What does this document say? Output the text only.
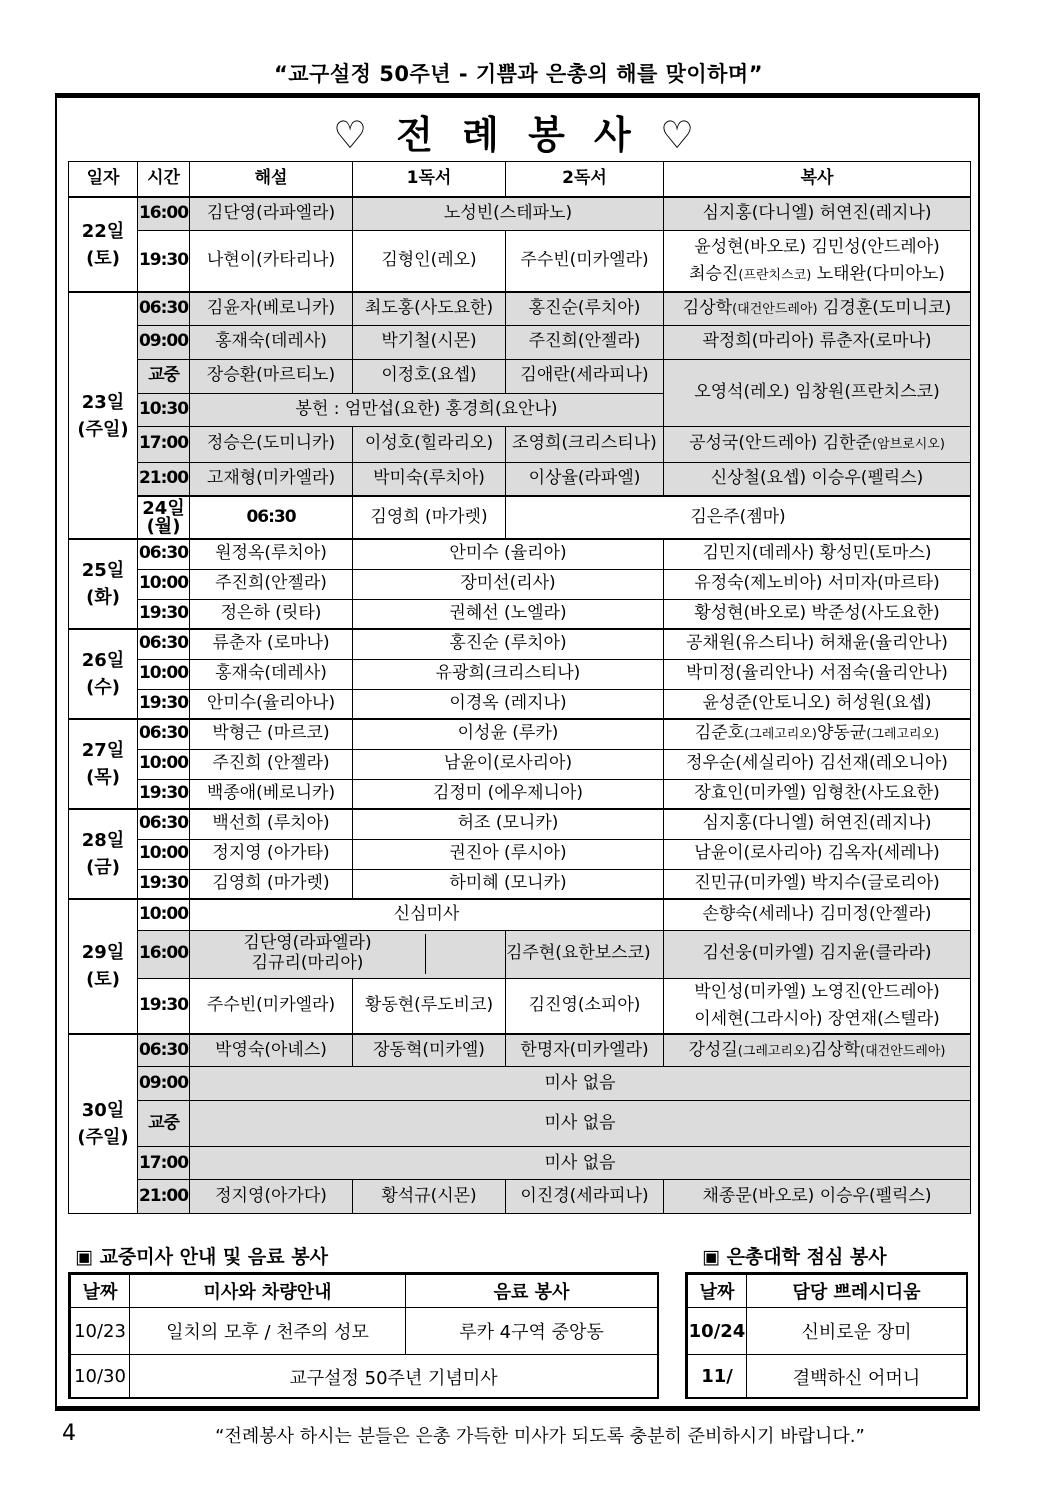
“교구설정 50주년 - 기쁨과 은총의 해를 맞이하며”
♡ 전 례 봉 사 ♡
일자	시간	해설	1독서	2독서	복사	
22일
(토)	16:00	김단영(라파엘라)	노성빈(스테파노)		심지홍(다니엘) 허연진(레지나)	
	19:30	나현이(카타리나)	김형인(레오)	주수빈(미카엘라)	윤성현(바오로) 김민성(안드레아)
최승진(프란치스코) 노태완(다미아노)	
23일
(주일)	06:30	김윤자(베로니카)	최도홍(사도요한)	홍진순(루치아)	김상학(대건안드레아) 김경훈(도미니코)	
	09:00	홍재숙(데레사)	박기철(시몬)	주진희(안젤라)	곽정희(마리아) 류춘자(로마나)	
	교중	장승환(마르티노)	이정호(요셉)	김애란(세라피나)	오영석(레오) 임창원(프란치스코)	
	10:30	봉헌 : 엄만섭(요한) 홍경희(요안나)				
	17:00	정승은(도미니카)	이성호(힐라리오)	조영희(크리스티나)	공성국(안드레아) 김한준(암브로시오)	
	21:00	고재형(미카엘라)	박미숙(루치아)	이상율(라파엘)	신상철(요셉) 이승우(펠릭스)	
	24일
(월)	06:30	김영희 (마가렛)	김은주(젬마)	
25일
(화)	06:30	원정옥(루치아)	안미수 (율리아)		김민지(데레사) 황성민(토마스)	
	10:00	주진희(안젤라)	장미선(리사)		유정숙(제노비아) 서미자(마르타)	
	19:30	정은하 (릿타)	권혜선 (노엘라)		황성현(바오로) 박준성(사도요한)	
26일
(수)	06:30	류춘자 (로마나)	홍진순 (루치아)		공채원(유스티나) 허채윤(율리안나)	
	10:00	홍재숙(데레사)	유광희(크리스티나)		박미정(율리안나) 서점숙(율리안나)	
	19:30	안미수(율리아나)	이경옥 (레지나)		윤성준(안토니오) 허성원(요셉)	
27일
(목)	06:30	박형근 (마르코)	이성윤 (루카)		김준호(그레고리오)양동균(그레고리오)	
	10:00	주진희 (안젤라)	남윤이(로사리아)		정우순(세실리아) 김선재(레오니아)	
	19:30	백종애(베로니카)	김정미 (에우제니아)		장효인(미카엘) 임형찬(사도요한)	
28일
(금)	06:30	백선희 (루치아)	허조 (모니카)		심지홍(다니엘) 허연진(레지나)	
	10:00	정지영 (아가타)	권진아 (루시아)		남윤이(로사리아) 김옥자(세레나)	
	19:30	김영희 (마가렛)	하미혜 (모니카)		진민규(미카엘) 박지수(글로리아)	
29일
(토)	10:00	신심미사			손향숙(세레나) 김미정(안젤라)	
	16:00	김단영(라파엘라)
김규리(마리아)		김주현(요한보스코)	김선웅(미카엘) 김지윤(클라라)	
	19:30	주수빈(미카엘라)	황동현(루도비코)	김진영(소피아)	박인성(미카엘) 노영진(안드레아)
이세현(그라시아) 장연재(스텔라)	
30일
(주일)	06:30	박영숙(아녜스)	장동혁(미카엘)	한명자(미카엘라)	강성길(그레고리오)김상학(대건안드레아)	
	09:00	미사 없음				
	교중	미사 없음				
	17:00	미사 없음				
	21:00	정지영(아가다)	황석규(시몬)	이진경(세라피나)	채종문(바오로) 이승우(펠릭스)	
▣ 교중미사 안내 및 음료 봉사
날짜	미사와 차량안내	음료 봉사
10/23	일치의 모후 / 천주의 성모	루카 4구역 중앙동
10/30	교구설정 50주년 기념미사	
▣ 은총대학 점심 봉사
날짜	담당 쁘레시디움
10/24	신비로운 장미
11/	결백하신 어머니
4	“전례봉사 하시는 분들은 은총 가득한 미사가 되도록 충분히 준비하시기 바랍니다.”
